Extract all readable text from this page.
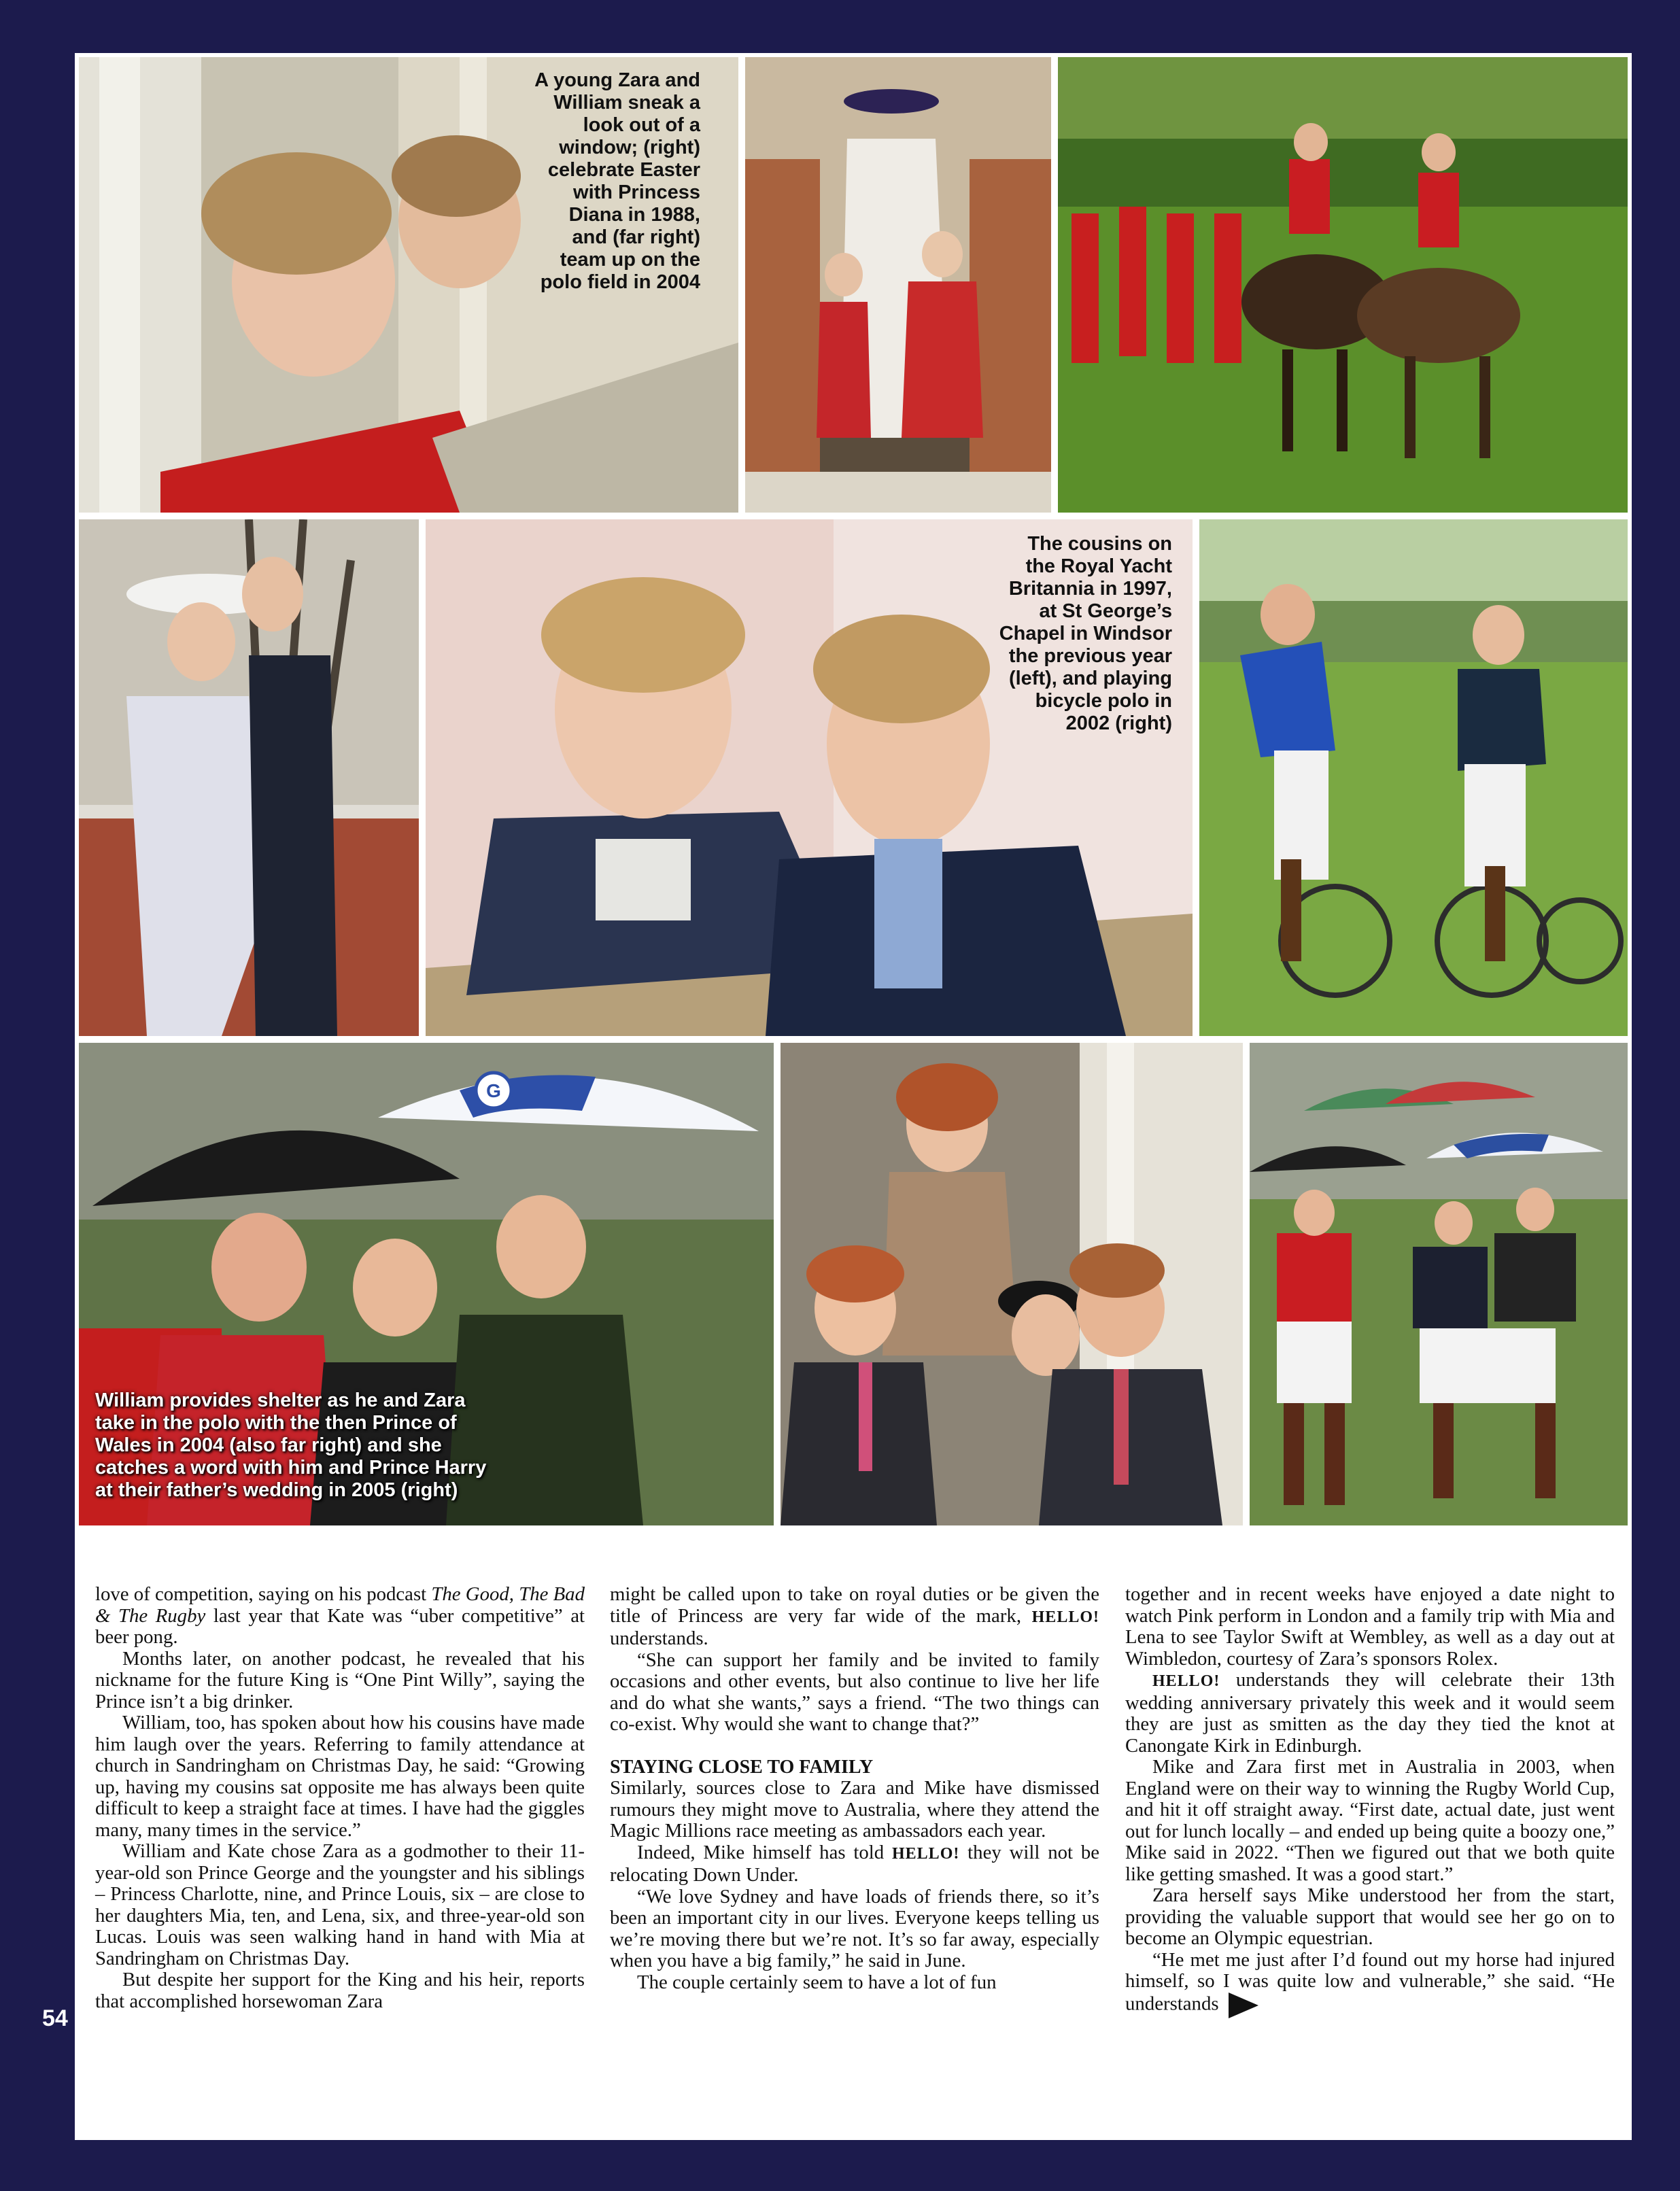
A young Zara and
William sneak a
look out of a
window; (right)
celebrate Easter
with Princess
Diana in 1988,
and (far right)
team up on the
polo field in 2004
The cousins on
the Royal Yacht
Britannia in 1997,
at St George’s
Chapel in Windsor
the previous year
(left), and playing
bicycle polo in
2002 (right)
G
William provides shelter as he and Zara
take in the polo with the then Prince of
Wales in 2004 (also far right) and she
catches a word with him and Prince Harry
at their father’s wedding in 2005 (right)

love of competition, saying on his podcast The Good, The Bad & The Rugby last year that Kate was “uber competitive” at beer pong.

Months later, on another podcast, he revealed that his nickname for the future King is “One Pint Willy”, saying the Prince isn’t a big drinker.

William, too, has spoken about how his cousins have made him laugh over the years. Referring to family attendance at church in Sandringham on Christmas Day, he said: “Growing up, having my cousins sat opposite me has always been quite difficult to keep a straight face at times. I have had the giggles many, many times in the service.”

William and Kate chose Zara as a godmother to their 11-year-old son Prince George and the youngster and his siblings – Princess Charlotte, nine, and Prince Louis, six – are close to her daughters Mia, ten, and Lena, six, and three-year-old son Lucas. Louis was seen walking hand in hand with Mia at Sandringham on Christmas Day.

But despite her support for the King and his heir, reports that accomplished horsewoman Zara

might be called upon to take on royal duties or be given the title of Princess are very far wide of the mark, HELLO! understands.

“She can support her family and be invited to family occasions and other events, but also continue to live her life and do what she wants,” says a friend. “The two things can co-exist. Why would she want to change that?”

STAYING CLOSE TO FAMILY

Similarly, sources close to Zara and Mike have dismissed rumours they might move to Australia, where they attend the Magic Millions race meeting as ambassadors each year.

Indeed, Mike himself has told HELLO! they will not be relocating Down Under.

“We love Sydney and have loads of friends there, so it’s been an important city in our lives. Everyone keeps telling us we’re moving there but we’re not. It’s so far away, especially when you have a big family,” he said in June.

The couple certainly seem to have a lot of fun

together and in recent weeks have enjoyed a date night to watch Pink perform in London and a family trip with Mia and Lena to see Taylor Swift at Wembley, as well as a day out at Wimbledon, courtesy of Zara’s sponsors Rolex.

HELLO! understands they will celebrate their 13th wedding anniversary privately this week and it would seem they are just as smitten as the day they tied the knot at Canongate Kirk in Edinburgh.

Mike and Zara first met in Australia in 2003, when England were on their way to winning the Rugby World Cup, and hit it off straight away. “First date, actual date, just went out for lunch locally – and ended up being quite a boozy one,” Mike said in 2022. “Then we figured out that we both quite like getting smashed. It was a good start.”

Zara herself says Mike understood her from the start, providing the valuable support that would see her go on to become an Olympic equestrian.

“He met me just after I’d found out my horse had injured himself, so I was quite low and vulnerable,” she said. “He understands

54
